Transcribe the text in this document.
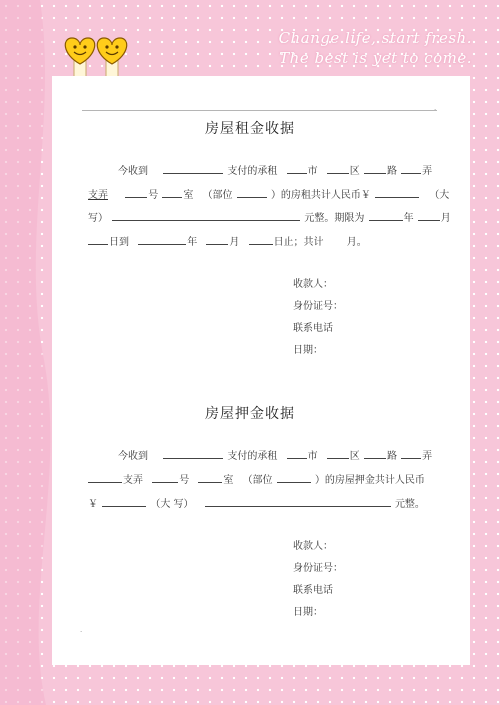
Change life, start fresh.
The best is yet to come.
.
房屋租金收据
今收到	支付的承租	市	区	路	弄
支弄	号	室 （部位	）的房租共计人民币￥	（大
写）	元整。期限为	年	月
日到	年	月	日止；共计 月。
收款人：
身份证号：
联系电话
日期：
房屋押金收据
今收到	支付的承租	市	区	路	弄
支弄	号	室 （部位	）的房屋押金共计人民币
￥	（大 写）	元整。
收款人：
身份证号：
联系电话
日期：
.
